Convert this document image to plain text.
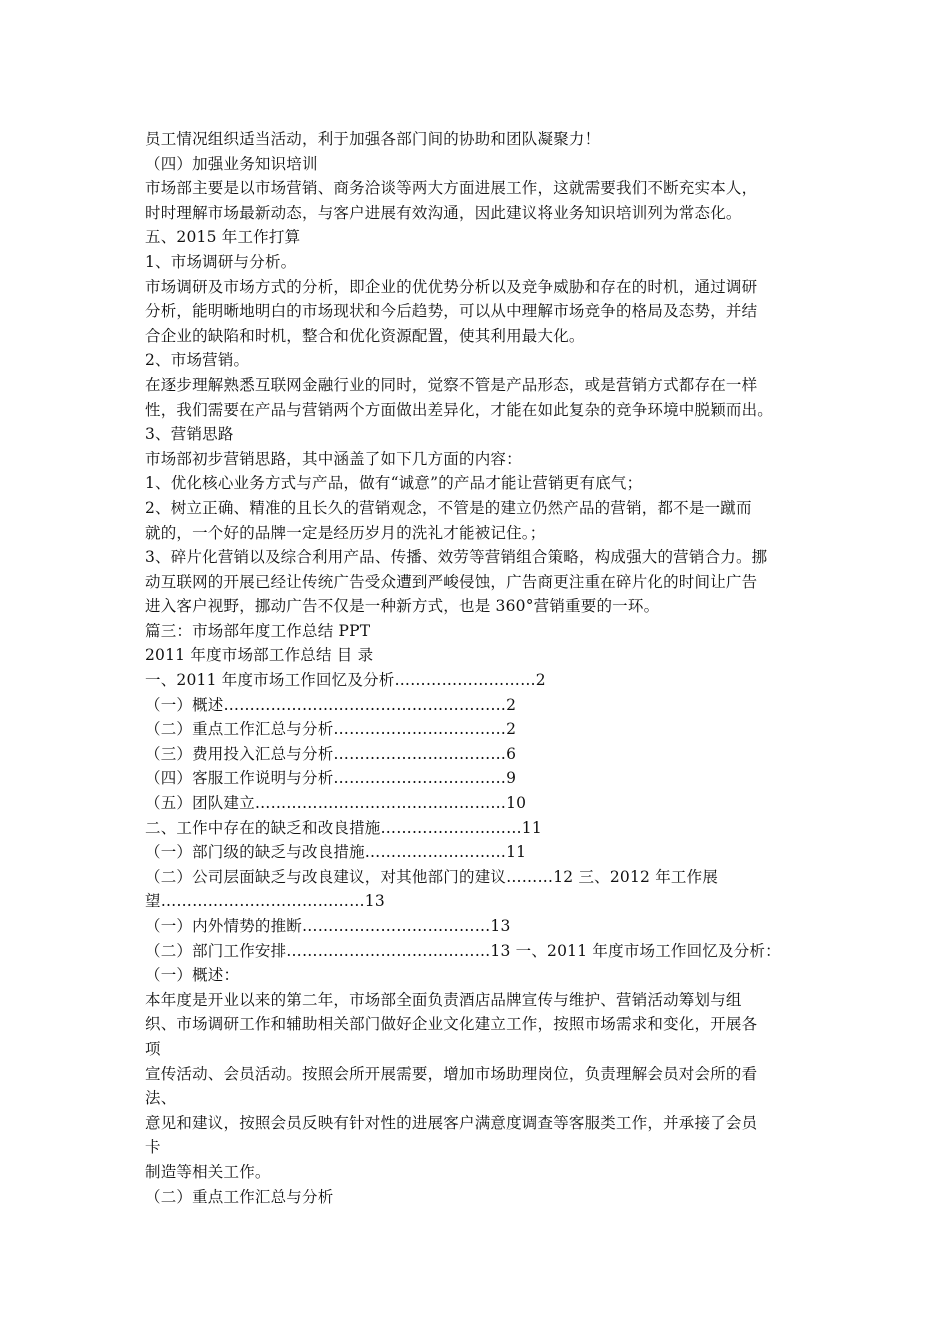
员工情况组织适当活动，利于加强各部门间的协助和团队凝聚力！
（四）加强业务知识培训
市场部主要是以市场营销、商务洽谈等两大方面进展工作，这就需要我们不断充实本人，
时时理解市场最新动态，与客户进展有效沟通，因此建议将业务知识培训列为常态化。
五、2015 年工作打算
1、市场调研与分析。
市场调研及市场方式的分析，即企业的优优势分析以及竞争威胁和存在的时机，通过调研
分析，能明晰地明白的市场现状和今后趋势，可以从中理解市场竞争的格局及态势，并结
合企业的缺陷和时机，整合和优化资源配置，使其利用最大化。
2、市场营销。
在逐步理解熟悉互联网金融行业的同时，觉察不管是产品形态，或是营销方式都存在一样
性，我们需要在产品与营销两个方面做出差异化，才能在如此复杂的竞争环境中脱颖而出。
3、营销思路
市场部初步营销思路，其中涵盖了如下几方面的内容：
1、优化核心业务方式与产品，做有“诚意”的产品才能让营销更有底气；
2、树立正确、精准的且长久的营销观念，不管是的建立仍然产品的营销，都不是一蹴而
就的，一个好的品牌一定是经历岁月的洗礼才能被记住。；
3、碎片化营销以及综合利用产品、传播、效劳等营销组合策略，构成强大的营销合力。挪
动互联网的开展已经让传统广告受众遭到严峻侵蚀，广告商更注重在碎片化的时间让广告
进入客户视野，挪动广告不仅是一种新方式，也是 360°营销重要的一环。
篇三：市场部年度工作总结 PPT
2011 年度市场部工作总结 目 录
一、2011 年度市场工作回忆及分析………………………2
（一）概述………………………………………………2
（二）重点工作汇总与分析……………………………2
（三）费用投入汇总与分析……………………………6
（四）客服工作说明与分析……………………………9
（五）团队建立…………………………………………10
二、工作中存在的缺乏和改良措施………………………11
（一）部门级的缺乏与改良措施………………………11
（二）公司层面缺乏与改良建议，对其他部门的建议………12 三、2012 年工作展
望…………………………………13
（一）内外情势的推断………………………………13
（二）部门工作安排…………………………………13 一、2011 年度市场工作回忆及分析：
（一）概述：
本年度是开业以来的第二年，市场部全面负责酒店品牌宣传与维护、营销活动筹划与组
织、市场调研工作和辅助相关部门做好企业文化建立工作，按照市场需求和变化，开展各
项
宣传活动、会员活动。按照会所开展需要，增加市场助理岗位，负责理解会员对会所的看
法、
意见和建议，按照会员反映有针对性的进展客户满意度调查等客服类工作，并承接了会员
卡
制造等相关工作。
（二）重点工作汇总与分析
